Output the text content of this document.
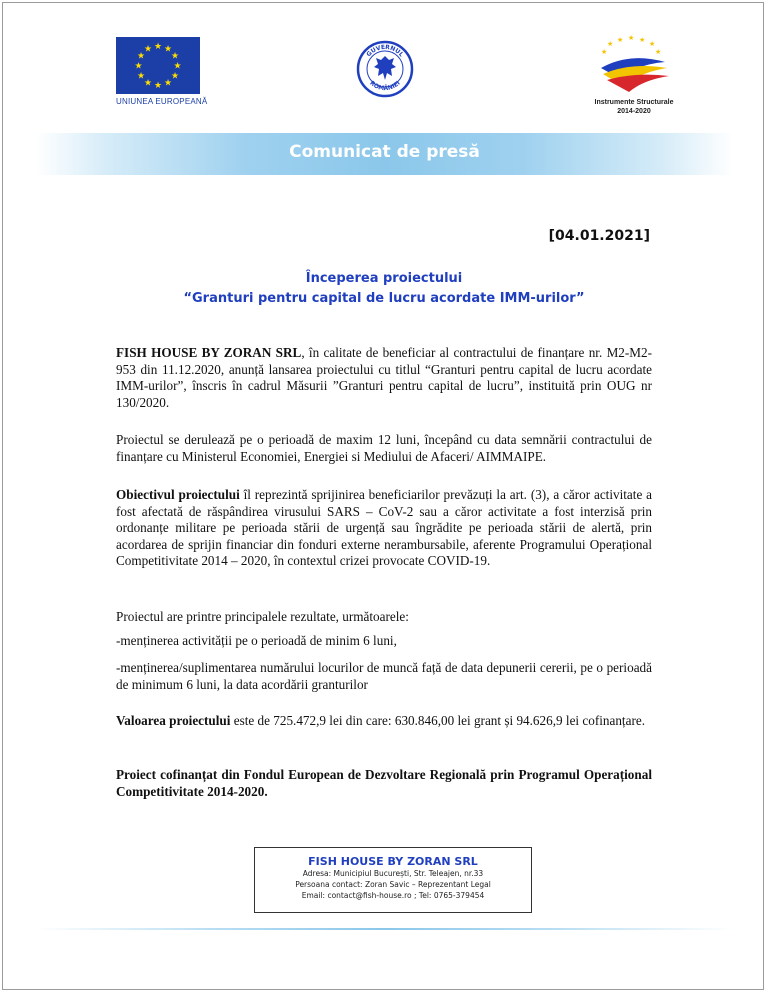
★ ★
★
★
★
★
★
★
★
★
★
★
UNIUNEA EUROPEANĂ
GUVERNUL
ROMÂNIEI
★ ★ ★ ★ ★
★	★
Instrumente Structurale
2014-2020
Comunicat de presă
[04.01.2021]
Începerea proiectului
“Granturi pentru capital de lucru acordate IMM-urilor”
FISH HOUSE BY ZORAN SRL, în calitate de beneficiar al contractului de finanțare nr. M2-M2-953 din 11.12.2020, anunță lansarea proiectului cu titlul “Granturi pentru capital de lucru acordate IMM-urilor”, înscris în cadrul Măsurii ”Granturi pentru capital de lucru”, instituită prin OUG nr 130/2020.
Proiectul se derulează pe o perioadă de maxim 12 luni, începând cu data semnării contractului de finanțare cu Ministerul Economiei, Energiei si Mediului de Afaceri/ AIMMAIPE.
Obiectivul proiectului îl reprezintă sprijinirea beneficiarilor prevăzuți la art. (3), a căror activitate a fost afectată de răspândirea virusului SARS – CoV-2 sau a căror activitate a fost interzisă prin ordonanțe militare pe perioada stării de urgență sau îngrădite pe perioada stării de alertă, prin acordarea de sprijin financiar din fonduri externe nerambursabile, aferente Programului Operațional Competitivitate 2014 – 2020, în contextul crizei provocate COVID-19.
Proiectul are printre principalele rezultate, următoarele:
-menținerea activității pe o perioadă de minim 6 luni,
-menținerea/suplimentarea numărului locurilor de muncă față de data depunerii cererii, pe o perioadă de minimum 6 luni, la data acordării granturilor
Valoarea proiectului este de 725.472,9 lei din care: 630.846,00 lei grant și 94.626,9 lei cofinanțare.
Proiect cofinanțat din Fondul European de Dezvoltare Regională prin Programul Operațional Competitivitate 2014-2020.
FISH HOUSE BY ZORAN SRL
Adresa: Municipiul București, Str. Teleajen, nr.33
Persoana contact: Zoran Savic – Reprezentant Legal
Email: contact@fish-house.ro ; Tel: 0765-379454
